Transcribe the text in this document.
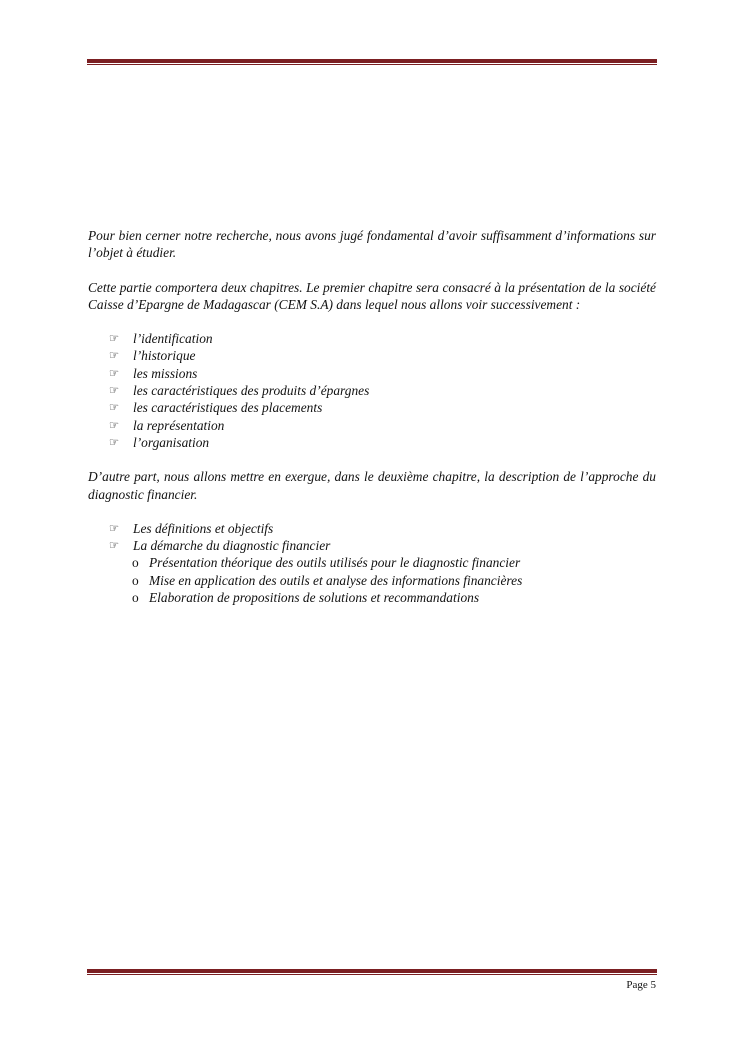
Pour bien cerner notre recherche, nous avons jugé fondamental d’avoir suffisamment d’informations sur l’objet à étudier.

Cette partie comportera deux chapitres. Le premier chapitre sera consacré à la présentation de la société Caisse d’Epargne de Madagascar (CEM S.A) dans lequel nous allons voir successivement :

☞ l’identification
☞ l’historique
☞ les missions
☞ les caractéristiques des produits d’épargnes
☞ les caractéristiques des placements
☞ la représentation
☞ l’organisation

D’autre part, nous allons mettre en exergue, dans le deuxième chapitre, la description de l’approche du diagnostic financier.

☞ Les définitions et objectifs
☞ La démarche du diagnostic financier
o Présentation théorique des outils utilisés pour le diagnostic financier
o Mise en application des outils et analyse des informations financières
o Elaboration de propositions de solutions et recommandations
Page 5
